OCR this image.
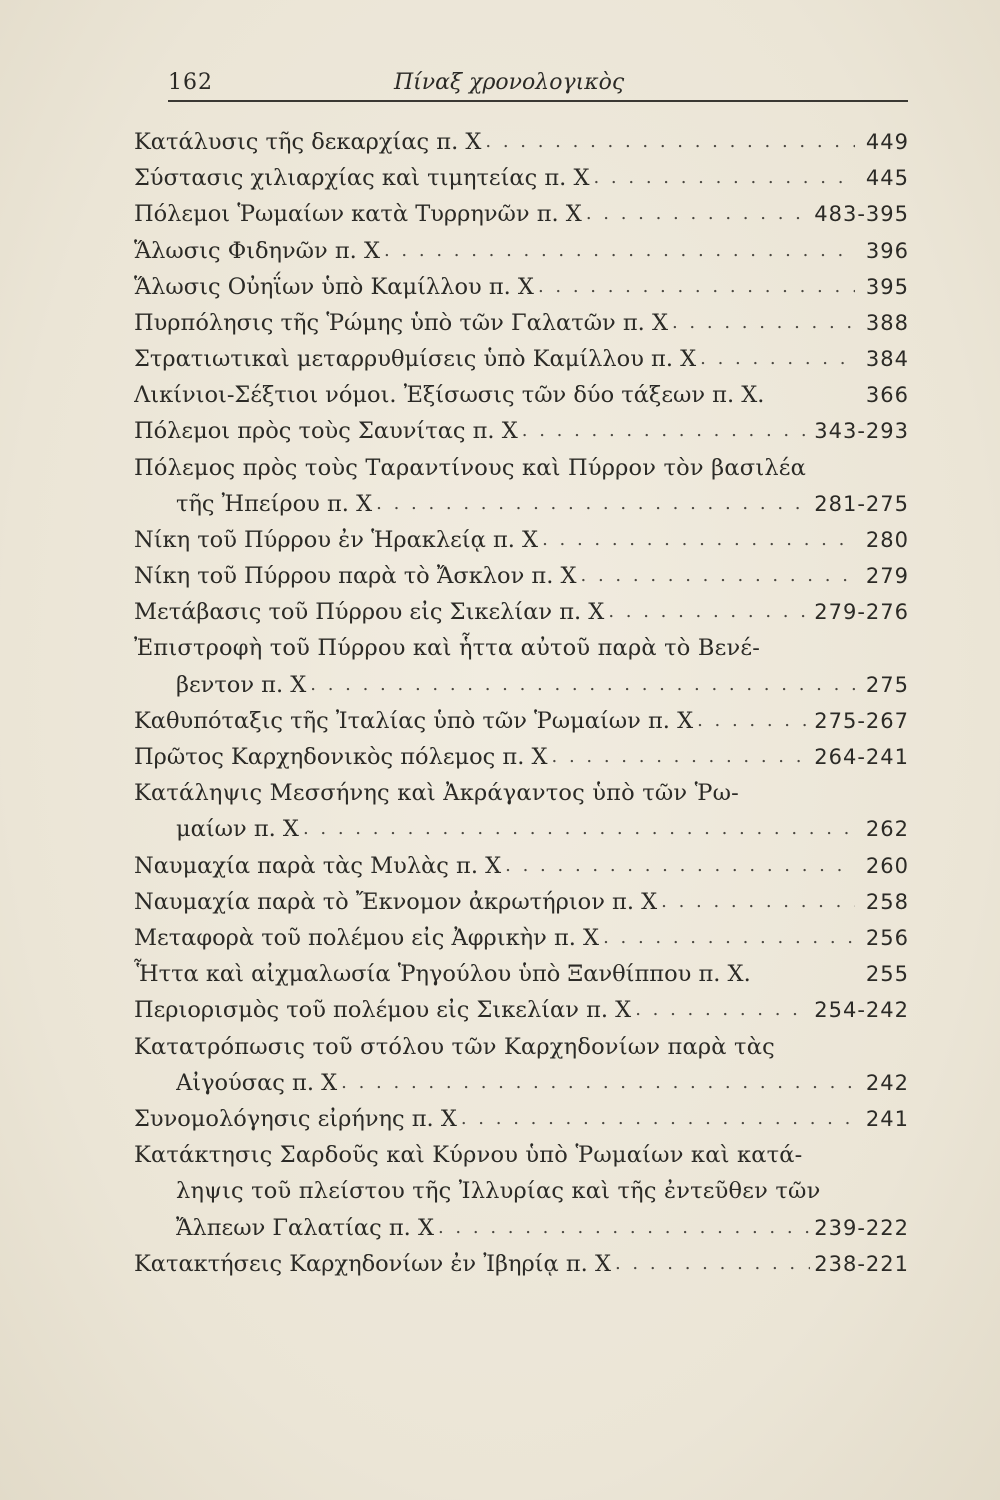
162	Πίναξ χρονολογικὸς
Κατάλυσις τῆς δεκαρχίας π. Χ . . .	449
Σύστασις χιλιαρχίας καὶ τιμητείας π. Χ . . .	445
Πόλεμοι Ῥωμαίων κατὰ Τυρρηνῶν π. Χ . . .	483-395
Ἅλωσις Φιδηνῶν π. Χ . . .	396
Ἅλωσις Οὐηΐων ὑπὸ Καμίλλου π. Χ . . .	395
Πυρπόλησις τῆς Ῥώμης ὑπὸ τῶν Γαλατῶν π. Χ . . .	388
Στρατιωτικαὶ μεταρρυθμίσεις ὑπὸ Καμίλλου π. Χ . . .	384
Λικίνιοι-Σέξτιοι νόμοι. Ἐξίσωσις τῶν δύο τάξεων π. Χ.	366
Πόλεμοι πρὸς τοὺς Σαυνίτας π. Χ . . .	343-293
Πόλεμος πρὸς τοὺς Ταραντίνους καὶ Πύρρον τὸν βασιλέα
τῆς Ἠπείρου π. Χ . . .	281-275
Νίκη τοῦ Πύρρου ἐν Ἡρακλείᾳ π. Χ . . .	280
Νίκη τοῦ Πύρρου παρὰ τὸ Ἄσκλον π. Χ . . .	279
Μετάβασις τοῦ Πύρρου εἰς Σικελίαν π. Χ . . .	279-276
Ἐπιστροφὴ τοῦ Πύρρου καὶ ἧττα αὐτοῦ παρὰ τὸ Βενέ-
βεντον π. Χ . . .	275
Καθυπόταξις τῆς Ἰταλίας ὑπὸ τῶν Ῥωμαίων π. Χ . . .	275-267
Πρῶτος Καρχηδονικὸς πόλεμος π. Χ . . .	264-241
Κατάληψις Μεσσήνης καὶ Ἀκράγαντος ὑπὸ τῶν Ῥω-
μαίων π. Χ . . .	262
Ναυμαχία παρὰ τὰς Μυλὰς π. Χ . . .	260
Ναυμαχία παρὰ τὸ Ἔκνομον ἀκρωτήριον π. Χ . . .	258
Μεταφορὰ τοῦ πολέμου εἰς Ἀφρικὴν π. Χ . . .	256
Ἧττα καὶ αἰχμαλωσία Ῥηγούλου ὑπὸ Ξανθίππου π. Χ.	255
Περιορισμὸς τοῦ πολέμου εἰς Σικελίαν π. Χ . . .	254-242
Κατατρόπωσις τοῦ στόλου τῶν Καρχηδονίων παρὰ τὰς
Αἰγούσας π. Χ . . .	242
Συνομολόγησις εἰρήνης π. Χ . . .	241
Κατάκτησις Σαρδοῦς καὶ Κύρνου ὑπὸ Ῥωμαίων καὶ κατά-
ληψις τοῦ πλείστου τῆς Ἰλλυρίας καὶ τῆς ἐντεῦθεν τῶν
Ἄλπεων Γαλατίας π. Χ . . .	239-222
Κατακτήσεις Καρχηδονίων ἐν Ἰβηρίᾳ π. Χ . . .	238-221
